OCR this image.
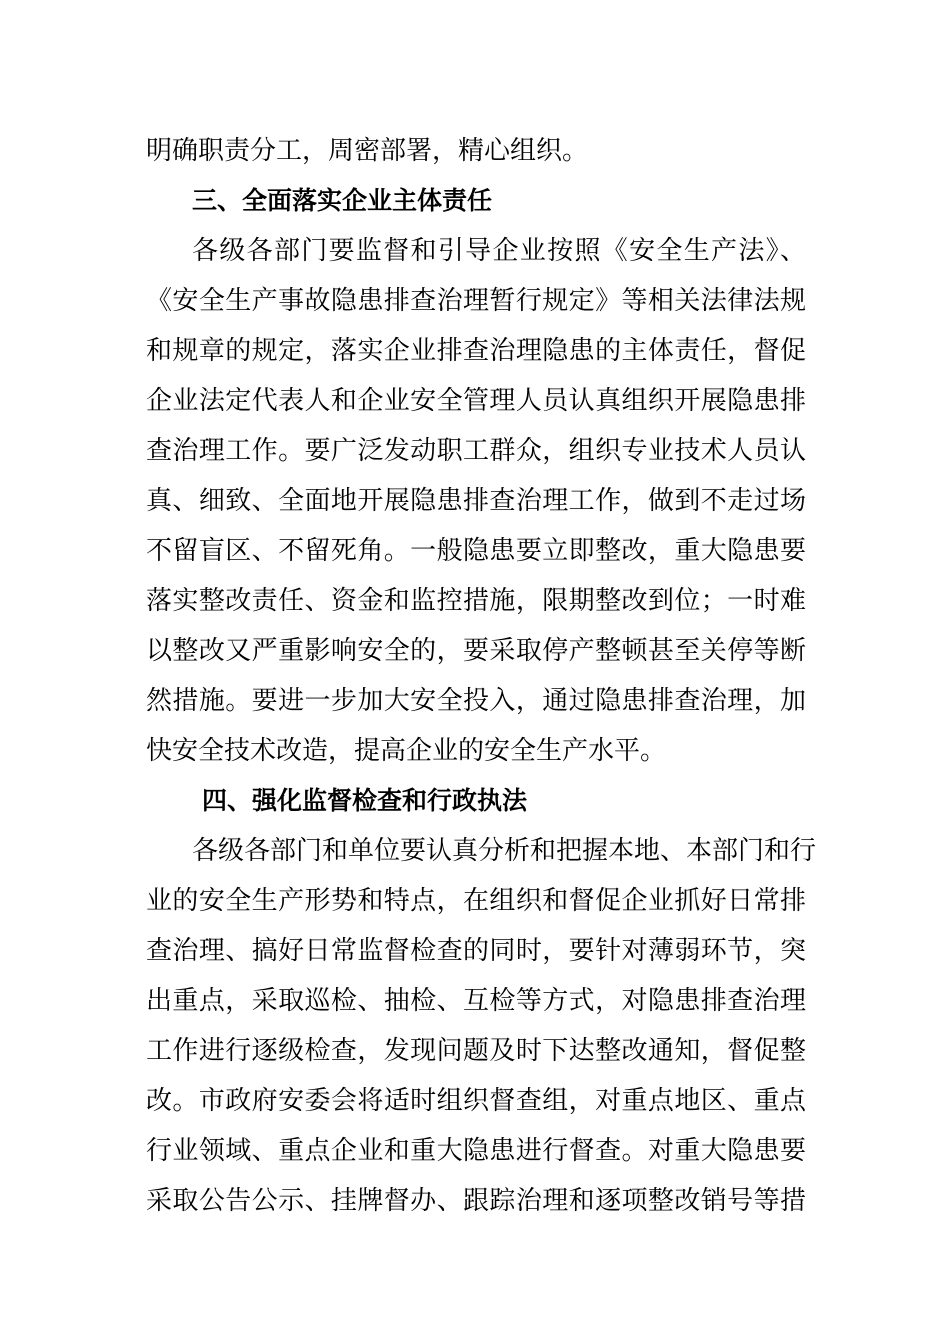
明确职责分工，周密部署，精心组织。
三、全面落实企业主体责任
各级各部门要监督和引导企业按照《安全生产法》、
《安全生产事故隐患排查治理暂行规定》等相关法律法规
和规章的规定，落实企业排查治理隐患的主体责任，督促
企业法定代表人和企业安全管理人员认真组织开展隐患排
查治理工作。要广泛发动职工群众，组织专业技术人员认
真、细致、全面地开展隐患排查治理工作，做到不走过场
不留盲区、不留死角。一般隐患要立即整改，重大隐患要
落实整改责任、资金和监控措施，限期整改到位；一时难
以整改又严重影响安全的，要采取停产整顿甚至关停等断
然措施。要进一步加大安全投入，通过隐患排查治理，加
快安全技术改造，提高企业的安全生产水平。
四、强化监督检查和行政执法
各级各部门和单位要认真分析和把握本地、本部门和行
业的安全生产形势和特点，在组织和督促企业抓好日常排
查治理、搞好日常监督检查的同时，要针对薄弱环节，突
出重点，采取巡检、抽检、互检等方式，对隐患排查治理
工作进行逐级检查，发现问题及时下达整改通知，督促整
改。市政府安委会将适时组织督查组，对重点地区、重点
行业领域、重点企业和重大隐患进行督查。对重大隐患要
采取公告公示、挂牌督办、跟踪治理和逐项整改销号等措
